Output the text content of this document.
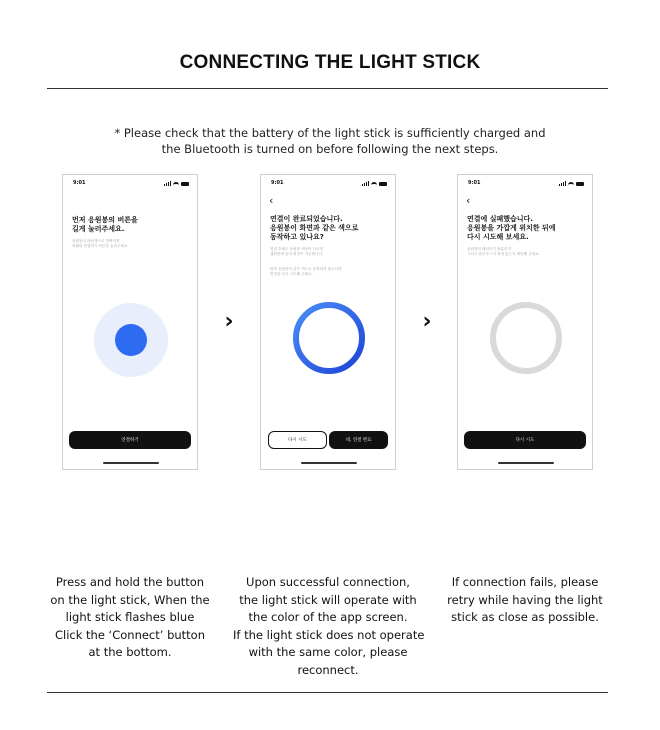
CONNECTING THE LIGHT STICK
* Please check that the battery of the light stick is sufficiently charged and
the Bluetooth is turned on before following the next steps.
9:01
먼저 응원봉의 버튼을
길게 눌러주세요.
응원봉의 파란색으로 깜빡이면
아래의 연결하기 버튼을 눌러주세요.
연결하기
›
9:01
‹
연결이 완료되었습니다.
응원봉이 화면과 같은 색으로
동작하고 있나요?
연결 후에도 응원봉 색상이 다르면
앱화면에 동작 확인이 가능합니다.
만약 응원봉이 같은 색으로 동작하지 않는다면
연결을 다시 시도해 주세요.
다시 시도	네, 연결 완료
›
9:01
‹
연결에 실패했습니다.
응원봉을 가깝게 위치한 뒤에
다시 시도해 보세요.
응원봉의 배터리가 충분한지
그리고 블루투스가 켜져 있는지 확인해 주세요.
다시 시도
Press and hold the button
on the light stick, When the
light stick flashes blue
Click the ‘Connect’ button
at the bottom.
Upon successful connection,
the light stick will operate with
the color of the app screen.
If the light stick does not operate
with the same color, please
reconnect.
If connection fails, please
retry while having the light
stick as close as possible.
